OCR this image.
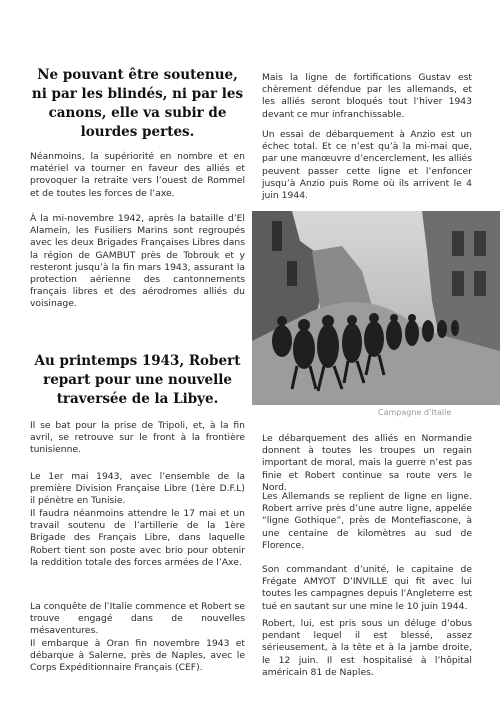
Ne pouvant être soutenue, ni par les blindés, ni par les canons, elle va subir de lourdes pertes.

Néanmoins, la supériorité en nombre et en matériel va tourner en faveur des alliés et provoquer la retraite vers l’ouest de Rommel et de toutes les forces de l’axe.

À la mi-novembre 1942, après la bataille d’El Alamein, les Fusiliers Marins sont regroupés avec les deux Brigades Françaises Libres dans la région de GAMBUT près de Tobrouk et y resteront jusqu’à la fin mars 1943, assurant la protection aérienne des cantonnements français libres et des aérodromes alliés du voisinage.

Au printemps 1943, Robert repart pour une nouvelle traversée de la Libye.

Il se bat pour la prise de Tripoli, et, à la fin avril, se retrouve sur le front à la frontière tunisienne.

Le 1er mai 1943, avec l’ensemble de la première Division Française Libre (1ère D.F.L) il pénètre en Tunisie.

Il faudra néanmoins attendre le 17 mai et un travail soutenu de l’artillerie de la 1ère Brigade des Français Libre, dans laquelle Robert tient son poste avec brio pour obtenir la reddition totale des forces armées de l’Axe.

La conquête de l’Italie commence et Robert se trouve engagé dans de nouvelles mésaventures.

Il embarque à Oran fin novembre 1943 et débarque à Salerne, près de Naples, avec le Corps Expéditionnaire Français (CEF).

Mais la ligne de fortifications Gustav est chèrement défendue par les allemands, et les alliés seront bloqués tout l’hiver 1943 devant ce mur infranchissable.

Un essai de débarquement à Anzio est un échec total. Et ce n’est qu’à la mi-mai que, par une manœuvre d’encerclement, les alliés peuvent passer cette ligne et l’enfoncer jusqu’à Anzio puis Rome où ils arrivent le 4 juin 1944.

Le débarquement des alliés en Normandie donnent à toutes les troupes un regain important de moral, mais la guerre n’est pas finie et Robert continue sa route vers le Nord.

Les Allemands se replient de ligne en ligne. Robert arrive près d’une autre ligne, appelée “ligne Gothique”, près de Montefiascone, à une centaine de kilomètres au sud de Florence.

Son commandant d’unité, le capitaine de Frégate AMYOT D’INVILLE qui fit avec lui toutes les campagnes depuis l’Angleterre est tué en sautant sur une mine le 10 juin 1944.

Robert, lui, est pris sous un déluge d’obus pendant lequel il est blessé, assez sérieusement, à la tête et à la jambe droite, le 12 juin. Il est hospitalisé à l’hôpital américain 81 de Naples.

Campagne d’Italie
